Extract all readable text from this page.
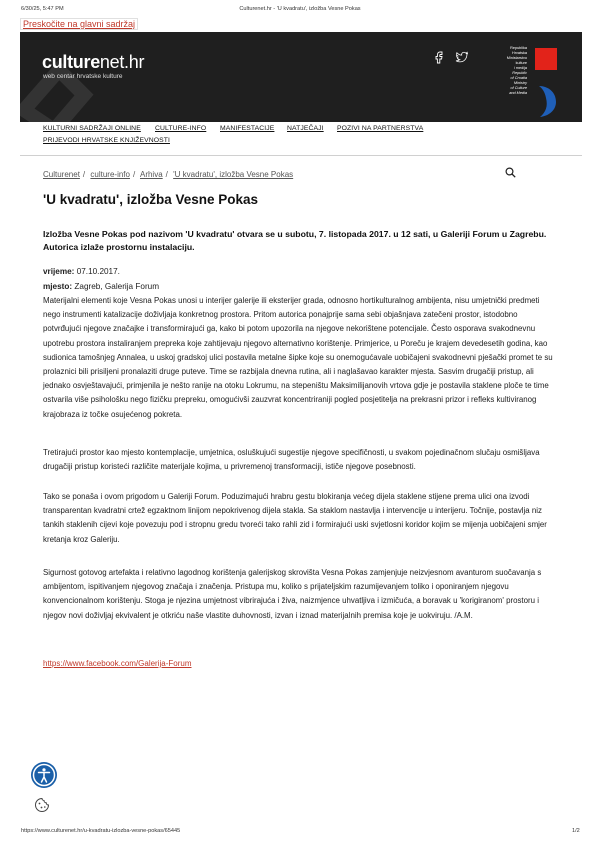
6/30/25, 5:47 PM	Culturenet.hr - 'U kvadratu', izložba Vesne Pokas
Preskočite na glavni sadržaj
culturenet.hr
web centar hrvatske kulture
Republika
Hrvatska
Ministarstvo
kulture
i medija
Republic
of Croatia
Ministry
of Culture
and Media
KULTURNI SADRŽAJI ONLINE CULTURE-INFO MANIFESTACIJE NATJEČAJI POZIVI NA PARTNERSTVA
PRIJEVODI HRVATSKE KNJIŽEVNOSTI
Culturenet / culture-info / Arhiva / 'U kvadratu', izložba Vesne Pokas
'U kvadratu', izložba Vesne Pokas

Izložba Vesne Pokas pod nazivom 'U kvadratu' otvara se u subotu, 7. listopada 2017. u 12 sati, u Galeriji Forum u Zagrebu. Autorica izlaže prostornu instalaciju.

vrijeme: 07.10.2017.
mjesto: Zagreb, Galerija Forum

Materijalni elementi koje Vesna Pokas unosi u interijer galerije ili eksterijer grada, odnosno hortikulturalnog ambijenta, nisu umjetnički predmeti nego instrumenti katalizacije doživljaja konkretnog prostora. Pritom autorica ponajprije sama sebi objašnjava zatečeni prostor, istodobno potvrđujući njegove značajke i transformirajući ga, kako bi potom upozorila na njegove nekorištene potencijale. Često osporava svakodnevnu upotrebu prostora instaliranjem prepreka koje zahtijevaju njegovo alternativno korištenje. Primjerice, u Poreču je krajem devedesetih godina, kao sudionica tamošnjeg Annalea, u uskoj gradskoj ulici postavila metalne šipke koje su onemogućavale uobičajeni svakodnevni pješački promet te su prolaznici bili prisiljeni pronalaziti druge puteve. Time se razbijala dnevna rutina, ali i naglašavao karakter mjesta. Sasvim drugačiji pristup, ali jednako osvještavajući, primjenila je nešto ranije na otoku Lokrumu, na stepeništu Maksimilijanovih vrtova gdje je postavila staklene ploče te time ostvarila više psihološku nego fizičku prepreku, omogućivši zauzvrat koncentriraniji pogled posjetitelja na prekrasni prizor i refleks kultiviranog krajobraza iz točke osujećenog pokreta.

Tretirajući prostor kao mjesto kontemplacije, umjetnica, osluškujući sugestije njegove specifičnosti, u svakom pojedinačnom slučaju osmišljava drugačiji pristup koristeći različite materijale kojima, u privremenoj transformaciji, ističe njegove posebnosti.

Tako se ponaša i ovom prigodom u Galeriji Forum. Poduzimajući hrabru gestu blokiranja većeg dijela staklene stijene prema ulici ona izvodi transparentan kvadratni crtež egzaktnom linijom nepokrivenog dijela stakla. Sa staklom nastavlja i intervencije u interijeru. Točnije, postavlja niz tankih staklenih cijevi koje povezuju pod i stropnu gredu tvoreći tako rahli zid i formirajući uski svjetlosni koridor kojim se mijenja uobičajeni smjer kretanja kroz Galeriju.

Sigurnost gotovog artefakta i relativno lagodnog korištenja galerijskog skrovišta Vesna Pokas zamjenjuje neizvjesnom avanturom suočavanja s ambijentom, ispitivanjem njegovog značaja i značenja. Pristupa mu, koliko s prijateljskim razumijevanjem toliko i oponiranjem njegovu konvencionalnom korištenju. Stoga je njezina umjetnost vibrirajuća i živa, naizmjence uhvatljiva i izmičuća, a boravak u 'korigiranom' prostoru i njegov novi doživljaj ekvivalent je otkriću naše vlastite duhovnosti, izvan i iznad materijalnih premisa koje je uokviruju. /A.M.

https://www.facebook.com/Galerija-Forum
https://www.culturenet.hr/u-kvadratu-izlozba-vesne-pokas/65445	1/2
